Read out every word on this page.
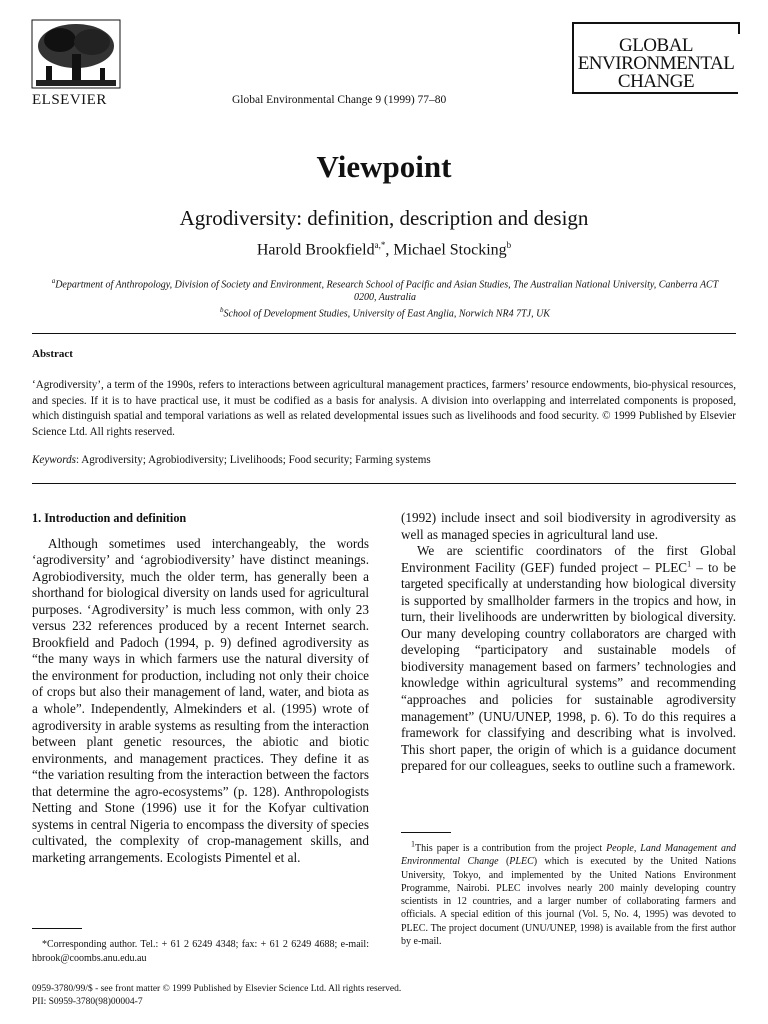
ELSEVIER	Global Environmental Change 9 (1999) 77–80
GLOBAL
ENVIRONMENTAL
CHANGE
Viewpoint
Agrodiversity: definition, description and design
Harold Brookfield$^{a,*}$, Michael Stocking$^b$
$^a$Department of Anthropology, Division of Society and Environment, Research School of Pacific and Asian Studies, The Australian National University, Canberra ACT 0200, Australia
$^b$School of Development Studies, University of East Anglia, Norwich NR4 7TJ, UK
Abstract
‘Agrodiversity’, a term of the 1990s, refers to interactions between agricultural management practices, farmers’ resource endowments, bio-physical resources, and species. If it is to have practical use, it must be codified as a basis for analysis. A division into overlapping and interrelated components is proposed, which distinguish spatial and temporal variations as well as related developmental issues such as livelihoods and food security. © 1999 Published by Elsevier Science Ltd. All rights reserved.
Keywords: Agrodiversity; Agrobiodiversity; Livelihoods; Food security; Farming systems
1. Introduction and definition

Although sometimes used interchangeably, the words ‘agrodiversity’ and ‘agrobiodiversity’ have distinct meanings. Agrobiodiversity, much the older term, has generally been a shorthand for biological diversity on lands used for agricultural purposes. ‘Agrodiversity’ is much less common, with only 23 versus 232 references produced by a recent Internet search. Brookfield and Padoch (1994, p. 9) defined agrodiversity as “the many ways in which farmers use the natural diversity of the environment for production, including not only their choice of crops but also their management of land, water, and biota as a whole”. Independently, Almekinders et al. (1995) wrote of agrodiversity in arable systems as resulting from the interaction between plant genetic resources, the abiotic and biotic environments, and management practices. They define it as “the variation resulting from the interaction between the factors that determine the agro-ecosystems” (p. 128). Anthropologists Netting and Stone (1996) use it for the Kofyar cultivation systems in central Nigeria to encompass the diversity of species cultivated, the complexity of crop-management skills, and marketing arrangements. Ecologists Pimentel et al.

(1992) include insect and soil biodiversity in agrodiversity as well as managed species in agricultural land use.

We are scientific coordinators of the first Global Environment Facility (GEF) funded project – PLEC$^1$ – to be targeted specifically at understanding how biological diversity is supported by smallholder farmers in the tropics and how, in turn, their livelihoods are underwritten by biological diversity. Our many developing country collaborators are charged with developing “participatory and sustainable models of biodiversity management based on farmers’ technologies and knowledge within agricultural systems” and recommending “approaches and policies for sustainable agrodiversity management” (UNU/UNEP, 1998, p. 6). To do this requires a framework for classifying and describing what is involved. This short paper, the origin of which is a guidance document prepared for our colleagues, seeks to outline such a framework.

*Corresponding author. Tel.: + 61 2 6249 4348; fax: + 61 2 6249 4688; e-mail: hbrook@coombs.anu.edu.au
$^1$This paper is a contribution from the project People, Land Management and Environmental Change (PLEC) which is executed by the United Nations University, Tokyo, and implemented by the United Nations Environment Programme, Nairobi. PLEC involves nearly 200 mainly developing country scientists in 12 countries, and a larger number of collaborating farmers and officials. A special edition of this journal (Vol. 5, No. 4, 1995) was devoted to PLEC. The project document (UNU/UNEP, 1998) is available from the first author by e-mail.
0959-3780/99/$ - see front matter © 1999 Published by Elsevier Science Ltd. All rights reserved.
PII: S0959-3780(98)00004-7
